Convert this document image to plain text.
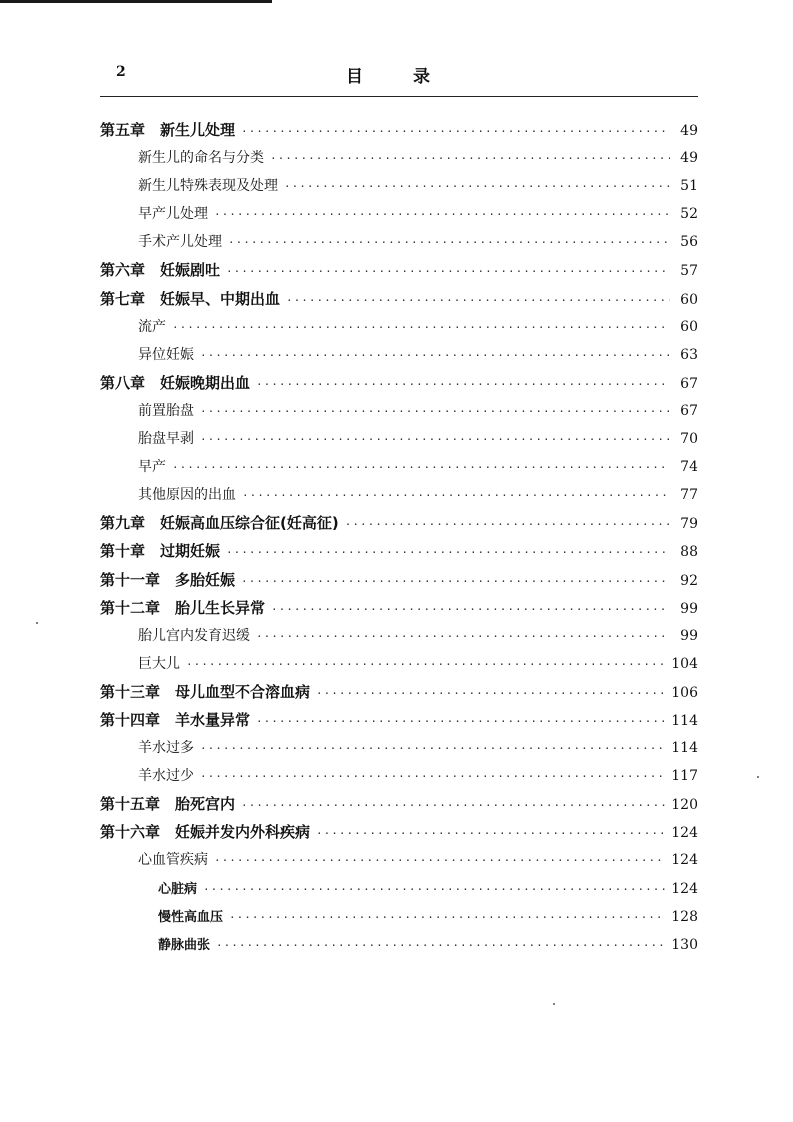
2	目 录
第五章　新生儿处理 ·····	49
新生儿的命名与分类 ·····	49
新生儿特殊表现及处理 ·····	51
早产儿处理 ·····	52
手术产儿处理 ·····	56
第六章　妊娠剧吐 ·····	57
第七章　妊娠早、中期出血 ·····	60
流产 ·····	60
异位妊娠 ·····	63
第八章　妊娠晚期出血 ·····	67
前置胎盘 ·····	67
胎盘早剥 ·····	70
早产 ·····	74
其他原因的出血 ·····	77
第九章　妊娠高血压综合征(妊高征) ·····	79
第十章　过期妊娠 ·····	88
第十一章　多胎妊娠 ·····	92
第十二章　胎儿生长异常 ·····	99
胎儿宫内发育迟缓 ·····	99
巨大儿 ·····	104
第十三章　母儿血型不合溶血病 ·····	106
第十四章　羊水量异常 ·····	114
羊水过多 ·····	114
羊水过少 ·····	117
第十五章　胎死宫内 ·····	120
第十六章　妊娠并发内外科疾病 ·····	124
心血管疾病 ·····	124
心脏病 ·····	124
慢性高血压 ·····	128
静脉曲张 ·····	130
